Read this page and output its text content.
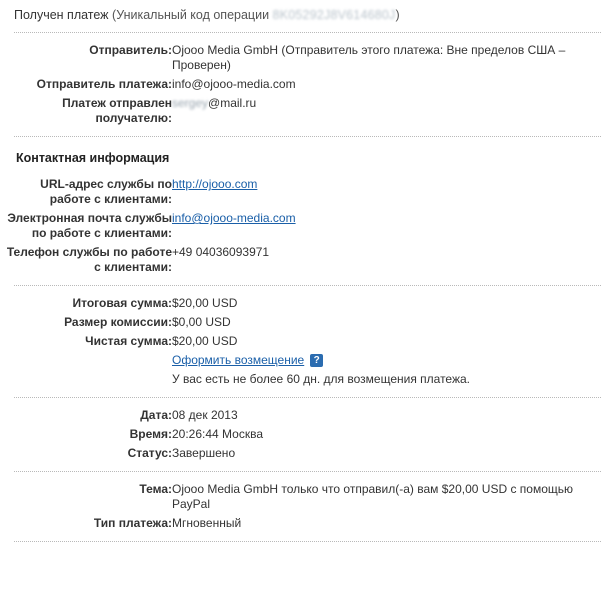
Получен платеж (Уникальный код операции 8K05292J8V614680J)
Отправитель:	Ojooo Media GmbH (Отправитель этого платежа: Вне пределов США – Проверен)
Отправитель платежа:	info@ojooo-media.com
Платеж отправлен получателю:	sergey@mail.ru
Контактная информация
URL-адрес службы по работе с клиентами:	http://ojooo.com
Электронная почта службы по работе с клиентами:	info@ojooo-media.com
Телефон службы по работе с клиентами:	+49 04036093971
Итоговая сумма:	$20,00 USD
Размер комиссии:	$0,00 USD
Чистая сумма:	$20,00 USD
	Оформить возмещение ?
	У вас есть не более 60 дн. для возмещения платежа.
Дата:	08 дек 2013
Время:	20:26:44 Москва
Статус:	Завершено
Тема:	Ojooo Media GmbH только что отправил(-а) вам $20,00 USD с помощью PayPal
Тип платежа:	Мгновенный
